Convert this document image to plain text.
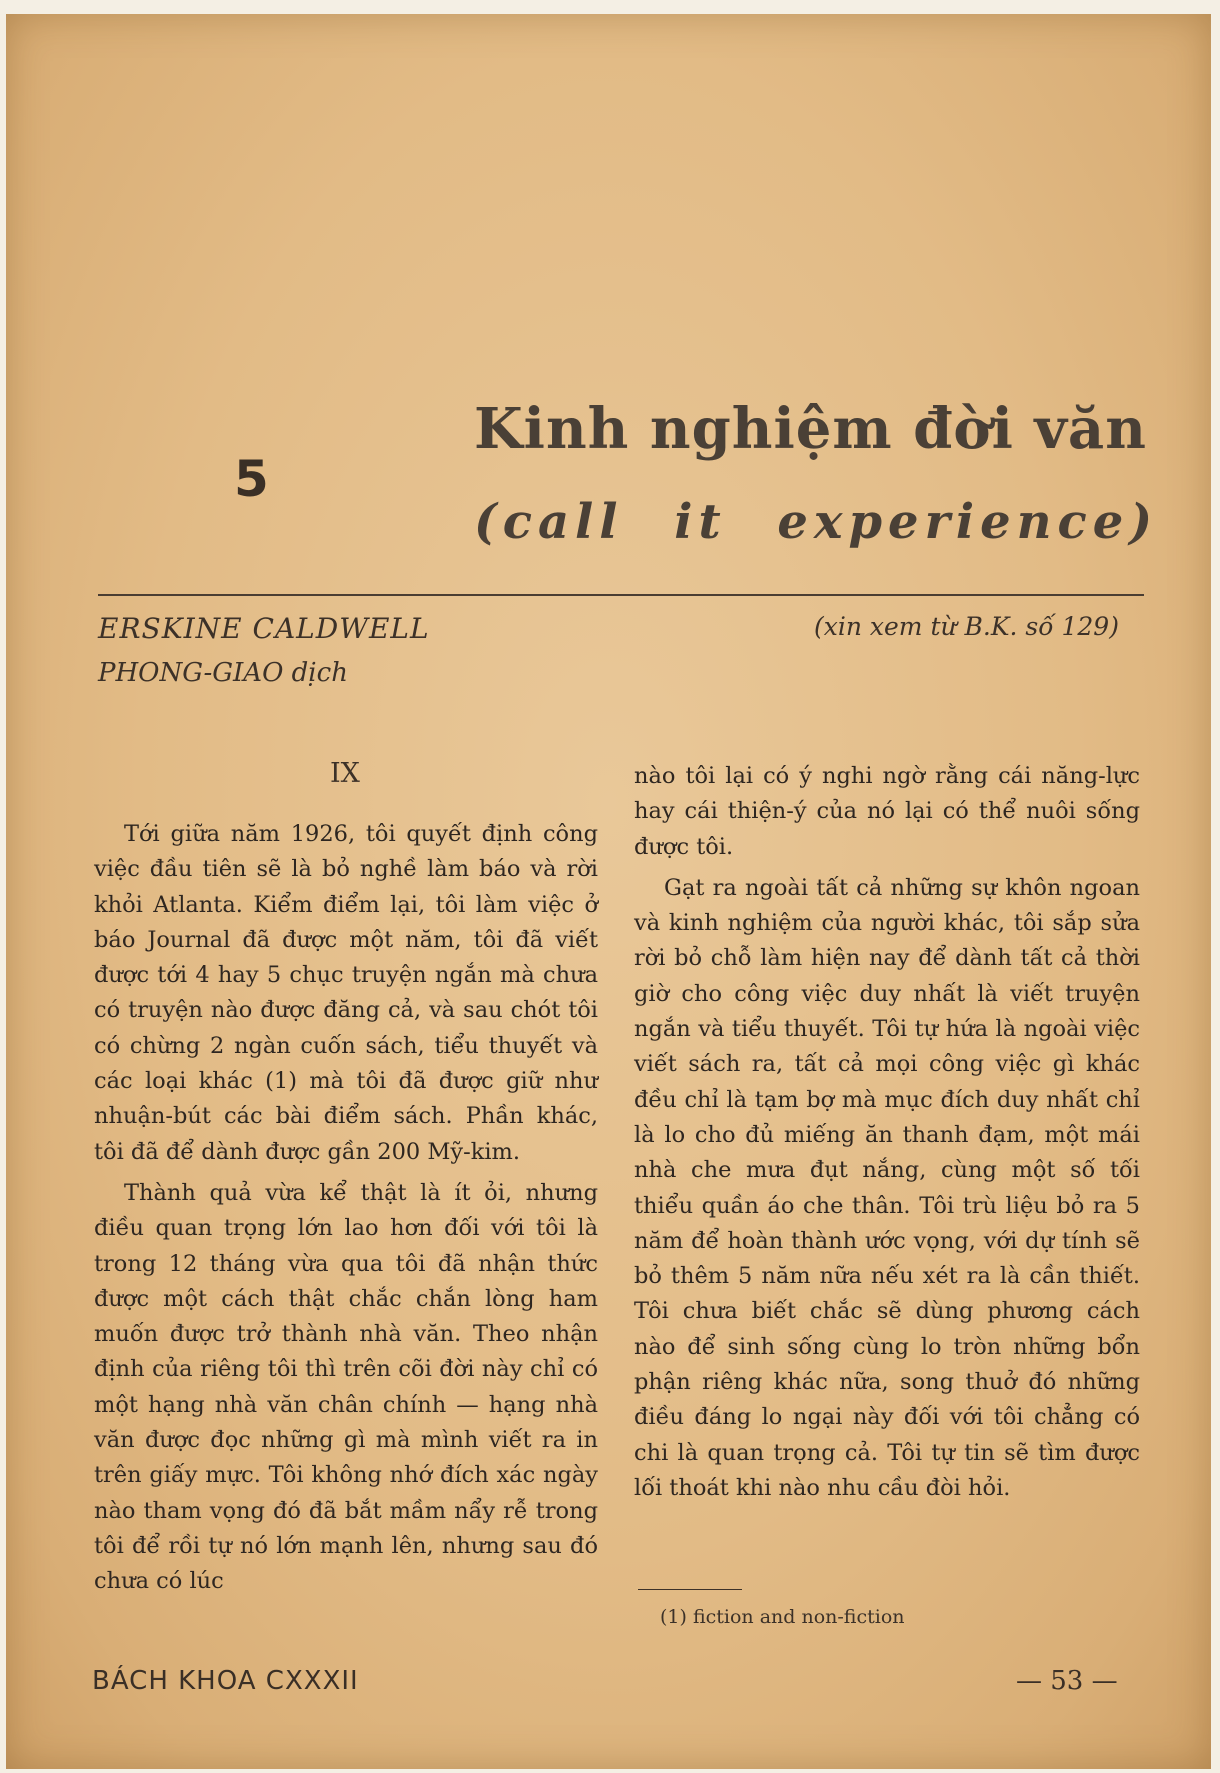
5
Kinh nghiệm đời văn
(call it experience)
ERSKINE CALDWELL
PHONG-GIAO dịch
(xin xem từ B.K. số 129)
IX

Tới giữa năm 1926, tôi quyết định công việc đầu tiên sẽ là bỏ nghề làm báo và rời khỏi Atlanta. Kiểm điểm lại, tôi làm việc ở báo Journal đã được một năm, tôi đã viết được tới 4 hay 5 chục truyện ngắn mà chưa có truyện nào được đăng cả, và sau chót tôi có chừng 2 ngàn cuốn sách, tiểu thuyết và các loại khác (1) mà tôi đã được giữ như nhuận-bút các bài điểm sách. Phần khác, tôi đã để dành được gần 200 Mỹ-kim.

Thành quả vừa kể thật là ít ỏi, nhưng điều quan trọng lớn lao hơn đối với tôi là trong 12 tháng vừa qua tôi đã nhận thức được một cách thật chắc chắn lòng ham muốn được trở thành nhà văn. Theo nhận định của riêng tôi thì trên cõi đời này chỉ có một hạng nhà văn chân chính — hạng nhà văn được đọc những gì mà mình viết ra in trên giấy mực. Tôi không nhớ đích xác ngày nào tham vọng đó đã bắt mầm nẩy rễ trong tôi để rồi tự nó lớn mạnh lên, nhưng sau đó chưa có lúc

nào tôi lại có ý nghi ngờ rằng cái năng-lực hay cái thiện-ý của nó lại có thể nuôi sống được tôi.

Gạt ra ngoài tất cả những sự khôn ngoan và kinh nghiệm của người khác, tôi sắp sửa rời bỏ chỗ làm hiện nay để dành tất cả thời giờ cho công việc duy nhất là viết truyện ngắn và tiểu thuyết. Tôi tự hứa là ngoài việc viết sách ra, tất cả mọi công việc gì khác đều chỉ là tạm bợ mà mục đích duy nhất chỉ là lo cho đủ miếng ăn thanh đạm, một mái nhà che mưa đụt nắng, cùng một số tối thiểu quần áo che thân. Tôi trù liệu bỏ ra 5 năm để hoàn thành ước vọng, với dự tính sẽ bỏ thêm 5 năm nữa nếu xét ra là cần thiết. Tôi chưa biết chắc sẽ dùng phương cách nào để sinh sống cùng lo tròn những bổn phận riêng khác nữa, song thuở đó những điều đáng lo ngại này đối với tôi chẳng có chi là quan trọng cả. Tôi tự tin sẽ tìm được lối thoát khi nào nhu cầu đòi hỏi.

(1) fiction and non-fiction
BÁCH KHOA CXXXII	— 53 —
